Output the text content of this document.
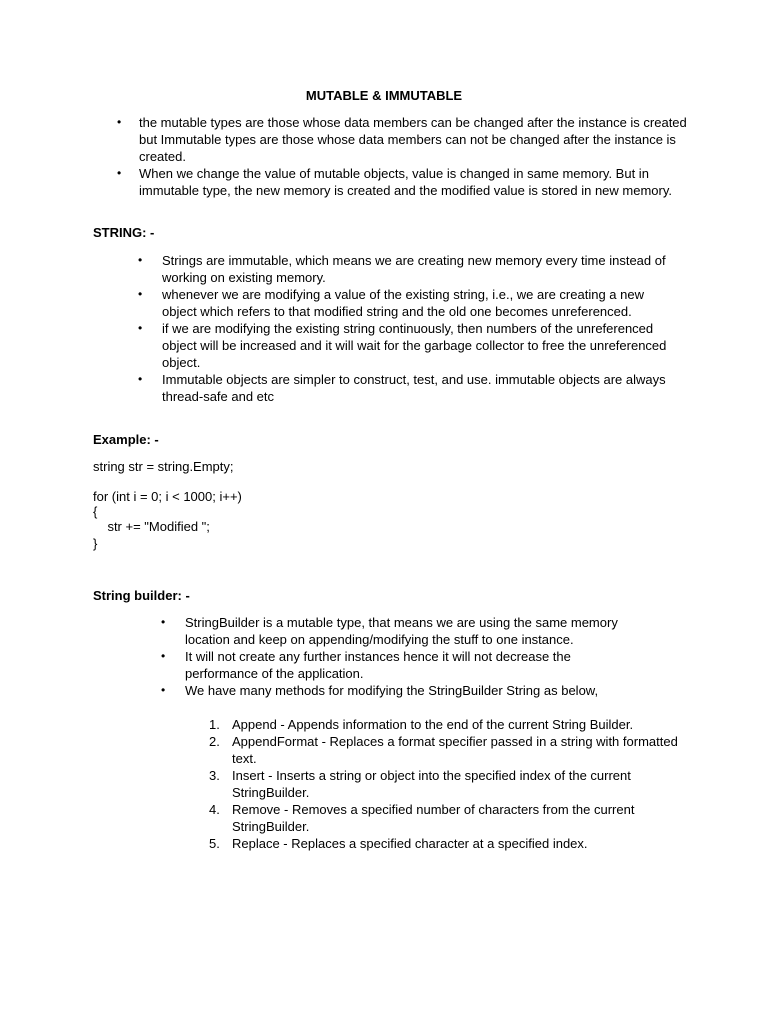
MUTABLE & IMMUTABLE
• the mutable types are those whose data members can be changed after the instance is created but Immutable types are those whose data members can not be changed after the instance is created.
• When we change the value of mutable objects, value is changed in same memory. But in immutable type, the new memory is created and the modified value is stored in new memory.
STRING: -
• Strings are immutable, which means we are creating new memory every time instead of working on existing memory.
• whenever we are modifying a value of the existing string, i.e., we are creating a new object which refers to that modified string and the old one becomes unreferenced.
• if we are modifying the existing string continuously, then numbers of the unreferenced object will be increased and it will wait for the garbage collector to free the unreferenced object.
• Immutable objects are simpler to construct, test, and use. immutable objects are always thread-safe and etc
Example: -
string str = string.Empty;
for (int i = 0; i < 1000; i++)
{
str += "Modified ";
}
String builder: -
• StringBuilder is a mutable type, that means we are using the same memory location and keep on appending/modifying the stuff to one instance.
• It will not create any further instances hence it will not decrease the performance of the application.
• We have many methods for modifying the StringBuilder String as below,
1. Append - Appends information to the end of the current String Builder.
2. AppendFormat - Replaces a format specifier passed in a string with formatted text.
3. Insert - Inserts a string or object into the specified index of the current StringBuilder.
4. Remove - Removes a specified number of characters from the current StringBuilder.
5. Replace - Replaces a specified character at a specified index.
